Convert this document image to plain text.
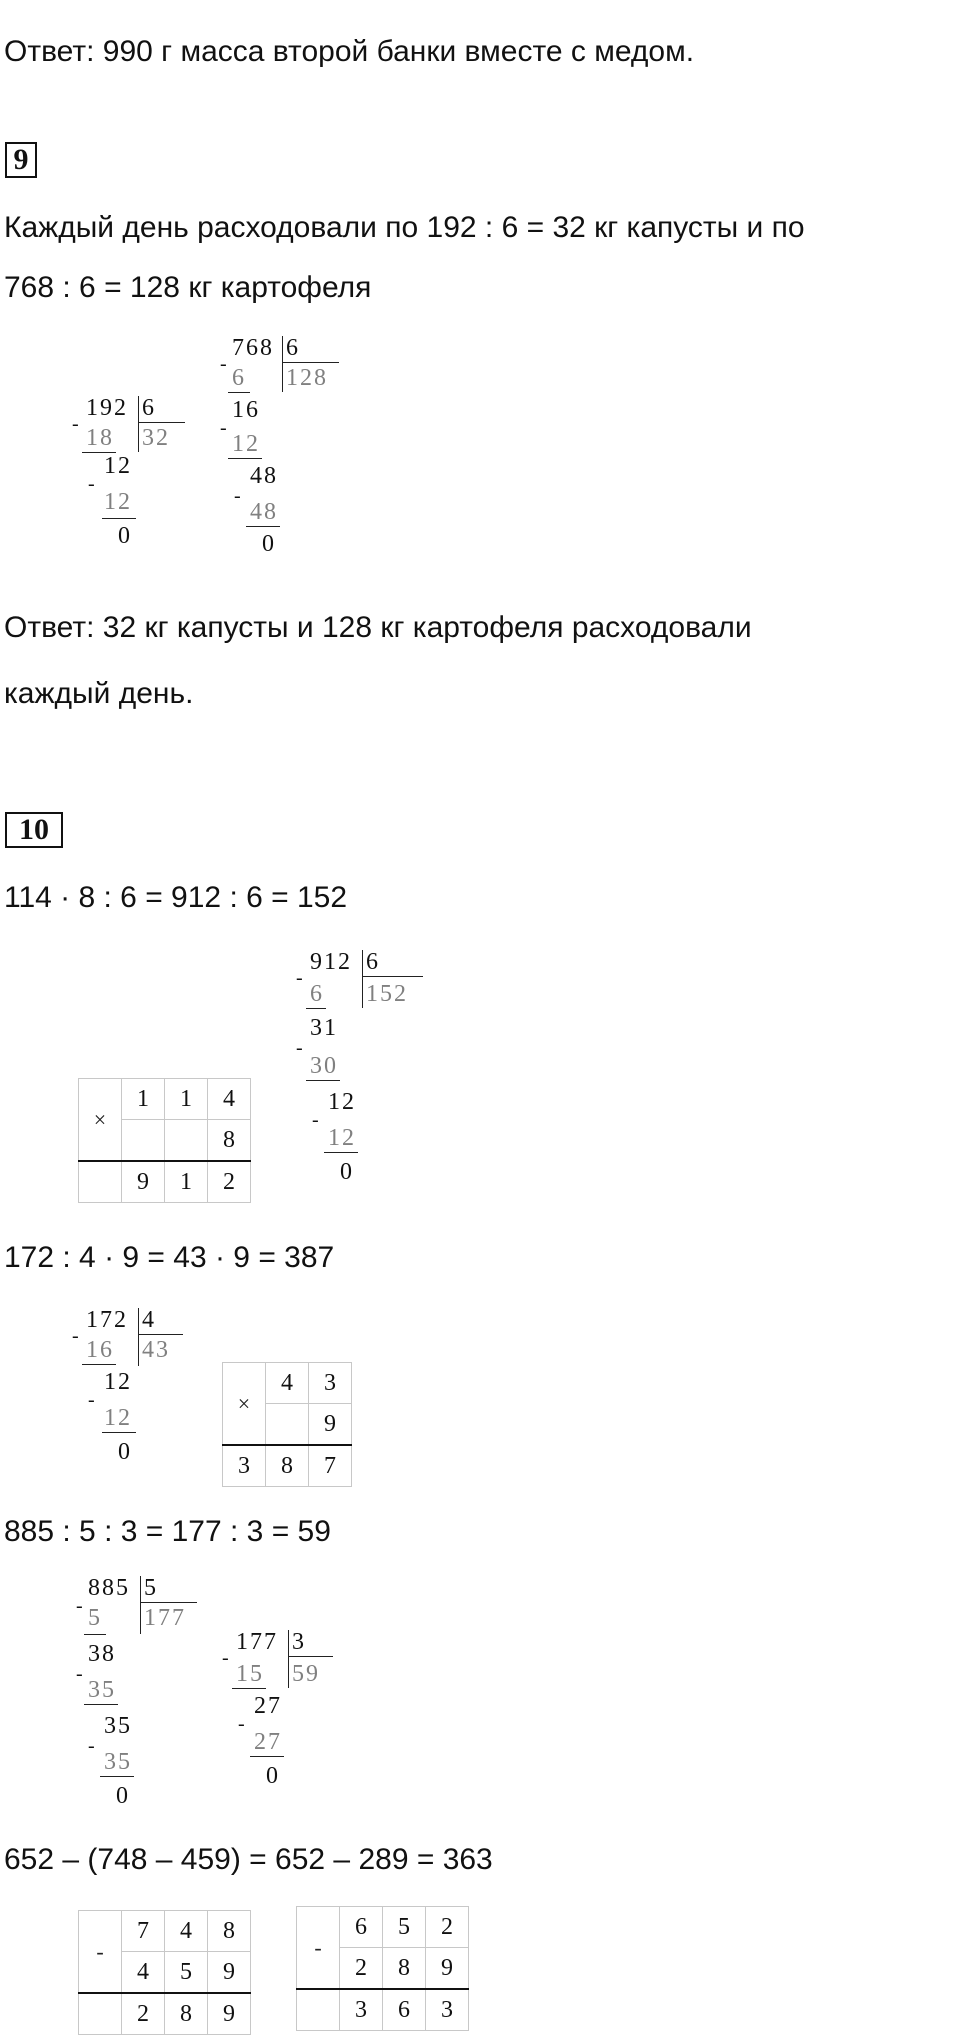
Ответ: 990 г масса второй банки вместе с медом.
9
Каждый день расходовали по 192 : 6 = 32 кг капусты и по
768 : 6 = 128 кг картофеля
192 6
32
-
18
12
-
12
0
768 6
128
-
6
16
-
12
48
-
48
0
Ответ: 32 кг капусты и 128 кг картофеля расходовали
каждый день.
10
114 · 8 : 6 = 912 : 6 = 152
912 6
152
-
6
31
-
30
12
-
12
0
×	1	1	4
			8
	9	1	2
172 : 4 · 9 = 43 · 9 = 387
172 4
43
-
16
12
-
12
0
×	4	3
		9
3	8	7
885 : 5 : 3 = 177 : 3 = 59
885 5
177
- 5
38
-
35
35
-
35
0
177 3
59
-
15
27
-
27
0
652 – (748 – 459) = 652 – 289 = 363
-	7	4	8
	4	5	9
	2	8	9
-	6	5	2
	2	8	9
	3	6	3
